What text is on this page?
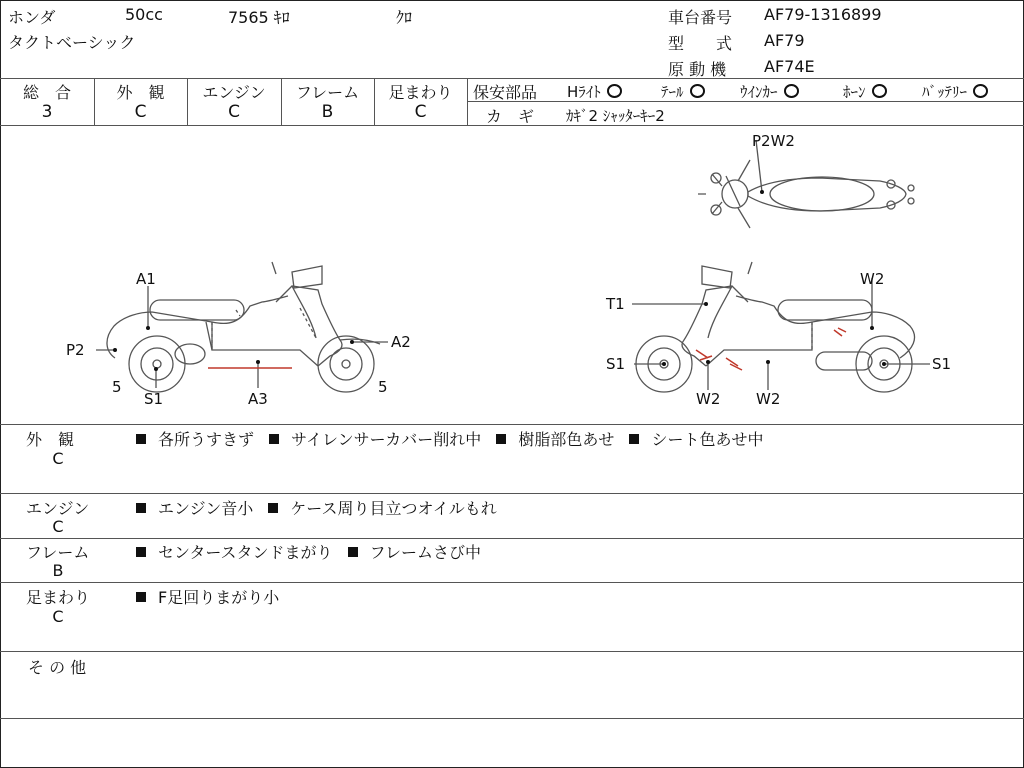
ホンダ	50cc	7565 ｷﾛ	ｸﾛ
タクトベーシック
車台番号 AF79-1316899
型　　式 AF79
原 動 機 AF74E
総　合
3
外　観
C
エンジン
C
フレーム
B
足まわり
C
保安部品 Hﾗｲﾄ	ﾃｰﾙ	ｳｲﾝｶｰ	ﾎｰﾝ	ﾊﾞｯﾃﾘｰ
カ　ギ ｶｷﾞ2 ｼｬｯﾀｰｷｰ2
P2W2
A1
P2	A2
5
S1	A3
5
T1
W2
S1	S1
W2 W2
外　観
C
各所うすきず サイレンサーカバー削れ中 樹脂部色あせ シート色あせ中
エンジン
C
エンジン音小 ケース周り目立つオイルもれ
フレーム
B
センタースタンドまがり フレームさび中
足まわり
C
F足回りまがり小
そ の 他
